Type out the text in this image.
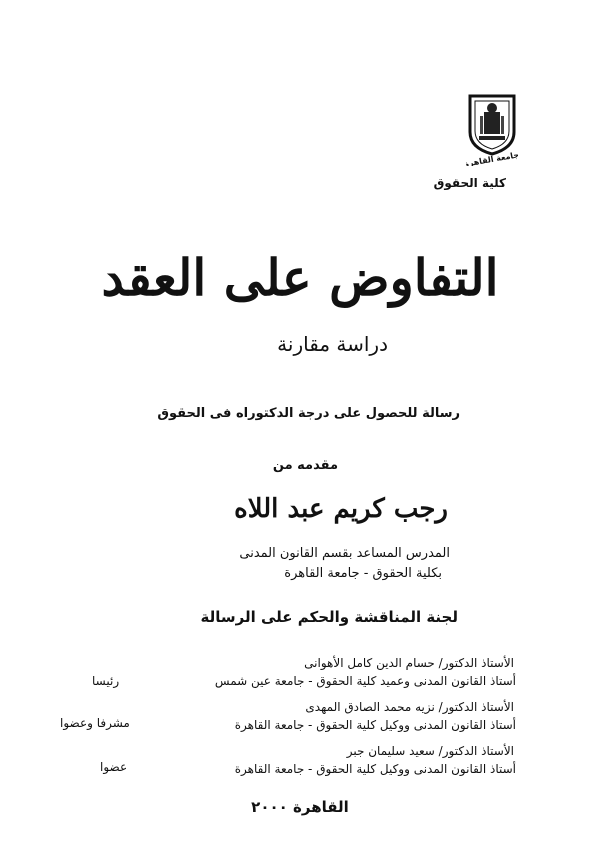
جامعة القاهرة
كلية الحقوق
التفاوض على العقد
دراسة مقارنة
رسالة للحصول على درجة الدكتوراه فى الحقوق
مقدمه من
رجب كريم عبد اللاه
المدرس المساعد بقسم القانون المدنى
بكلية الحقوق - جامعة القاهرة
لجنة المناقشة والحكم على الرسالة
الأستاذ الدكتور/ حسام الدين كامل الأهوانى
أستاذ القانون المدنى وعميد كلية الحقوق - جامعة عين شمس
رئيسا
الأستاذ الدكتور/ نزيه محمد الصادق المهدى
أستاذ القانون المدنى ووكيل كلية الحقوق - جامعة القاهرة
مشرفا وعضوا
الأستاذ الدكتور/ سعيد سليمان جبر
أستاذ القانون المدنى ووكيل كلية الحقوق - جامعة القاهرة
عضوا
القاهرة ٢٠٠٠
